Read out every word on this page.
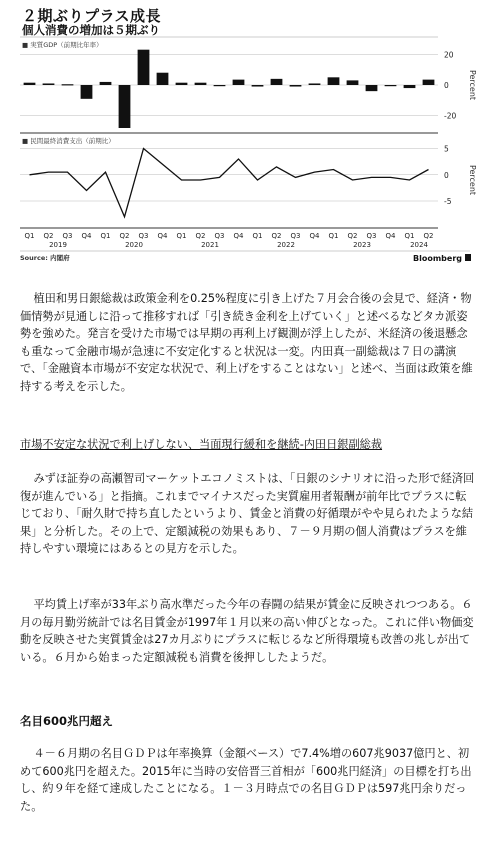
２期ぶりプラス成長
個人消費の増加は５期ぶり
■ 実質GDP（前期比年率）
20
0
-20
Percent
■ 民間最終消費支出（前期比）
5
0
-5
Percent
Q1 Q2 Q3 Q4 Q1 Q2 Q3 Q4 Q1 Q2 Q3 Q4 Q1 Q2 Q3 Q4 Q1 Q2 Q3 Q4 Q1 Q2
2019	2020	2021	2022	2023	2024
Source: 内閣府	Bloomberg

植田和男日銀総裁は政策金利を0.25%程度に引き上げた７月会合後の会見で、経済・物価情勢が見通しに沿って推移すれば「引き続き金利を上げていく」と述べるなどタカ派姿勢を強めた。発言を受けた市場では早期の再利上げ観測が浮上したが、米経済の後退懸念も重なって金融市場が急速に不安定化すると状況は一変。内田真一副総裁は７日の講演で、「金融資本市場が不安定な状況で、利上げをすることはない」と述べ、当面は政策を維持する考えを示した。

市場不安定な状況で利上げしない、当面現行緩和を継続-内田日銀副総裁

みずほ証券の高瀬智司マーケットエコノミストは、「日銀のシナリオに沿った形で経済回復が進んでいる」と指摘。これまでマイナスだった実質雇用者報酬が前年比でプラスに転じており、「耐久財で持ち直したというより、賃金と消費の好循環がやや見られたような結果」と分析した。その上で、定額減税の効果もあり、７－９月期の個人消費はプラスを維持しやすい環境にはあるとの見方を示した。

平均賃上げ率が33年ぶり高水準だった今年の春闘の結果が賃金に反映されつつある。６月の毎月勤労統計では名目賃金が1997年１月以来の高い伸びとなった。これに伴い物価変動を反映させた実質賃金は27カ月ぶりにプラスに転じるなど所得環境も改善の兆しが出ている。６月から始まった定額減税も消費を後押ししたようだ。

名目600兆円超え

４－６月期の名目ＧＤＰは年率換算（金額ベース）で7.4%増の607兆9037億円と、初めて600兆円を超えた。2015年に当時の安倍晋三首相が「600兆円経済」の目標を打ち出し、約９年を経て達成したことになる。１－３月時点での名目ＧＤＰは597兆円余りだった。
